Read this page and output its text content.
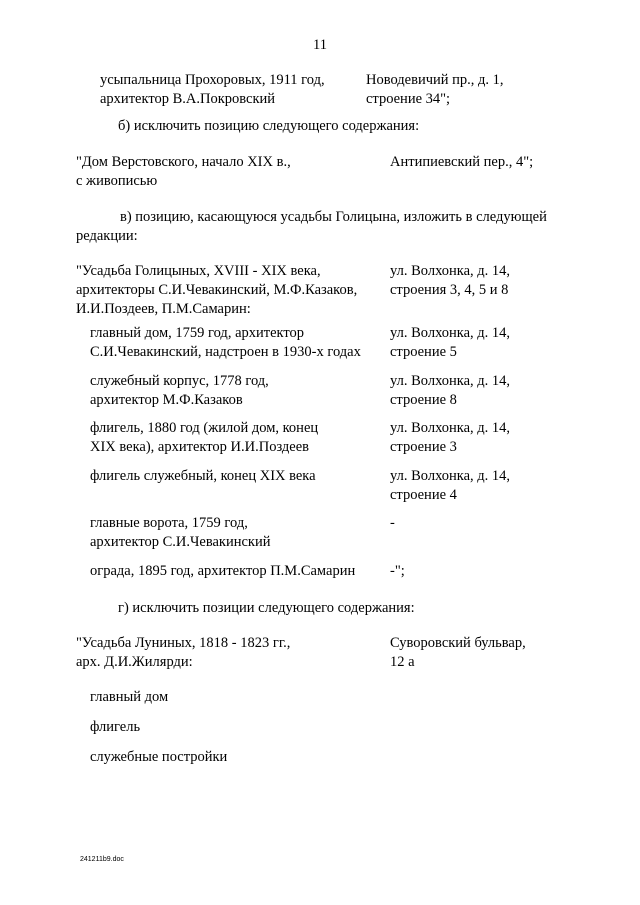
11
усыпальница Прохоровых, 1911 год,
архитектор В.А.Покровский
Новодевичий пр., д. 1,
строение 34";
б) исключить позицию следующего содержания:
"Дом Верстовского, начало XIX в.,
с живописью
Антипиевский пер., 4";
в) позицию, касающуюся усадьбы Голицына, изложить в следующей
редакции:
"Усадьба Голицыных, XVIII - XIX века,
архитекторы С.И.Чевакинский, М.Ф.Казаков,
И.И.Поздеев, П.М.Самарин:
ул. Волхонка, д. 14,
строения 3, 4, 5 и 8
главный дом, 1759 год, архитектор
С.И.Чевакинский, надстроен в 1930-х годах
ул. Волхонка, д. 14,
строение 5
служебный корпус, 1778 год,
архитектор М.Ф.Казаков
ул. Волхонка, д. 14,
строение 8
флигель, 1880 год (жилой дом, конец
XIX века), архитектор И.И.Поздеев
ул. Волхонка, д. 14,
строение 3
флигель служебный, конец XIX века	ул. Волхонка, д. 14,
строение 4
главные ворота, 1759 год,
архитектор С.И.Чевакинский
-
ограда, 1895 год, архитектор П.М.Самарин -";
г) исключить позиции следующего содержания:
"Усадьба Луниных, 1818 - 1823 гг.,
арх. Д.И.Жилярди:
Суворовский бульвар,
12 а
главный дом
флигель
служебные постройки
241211b9.doc
